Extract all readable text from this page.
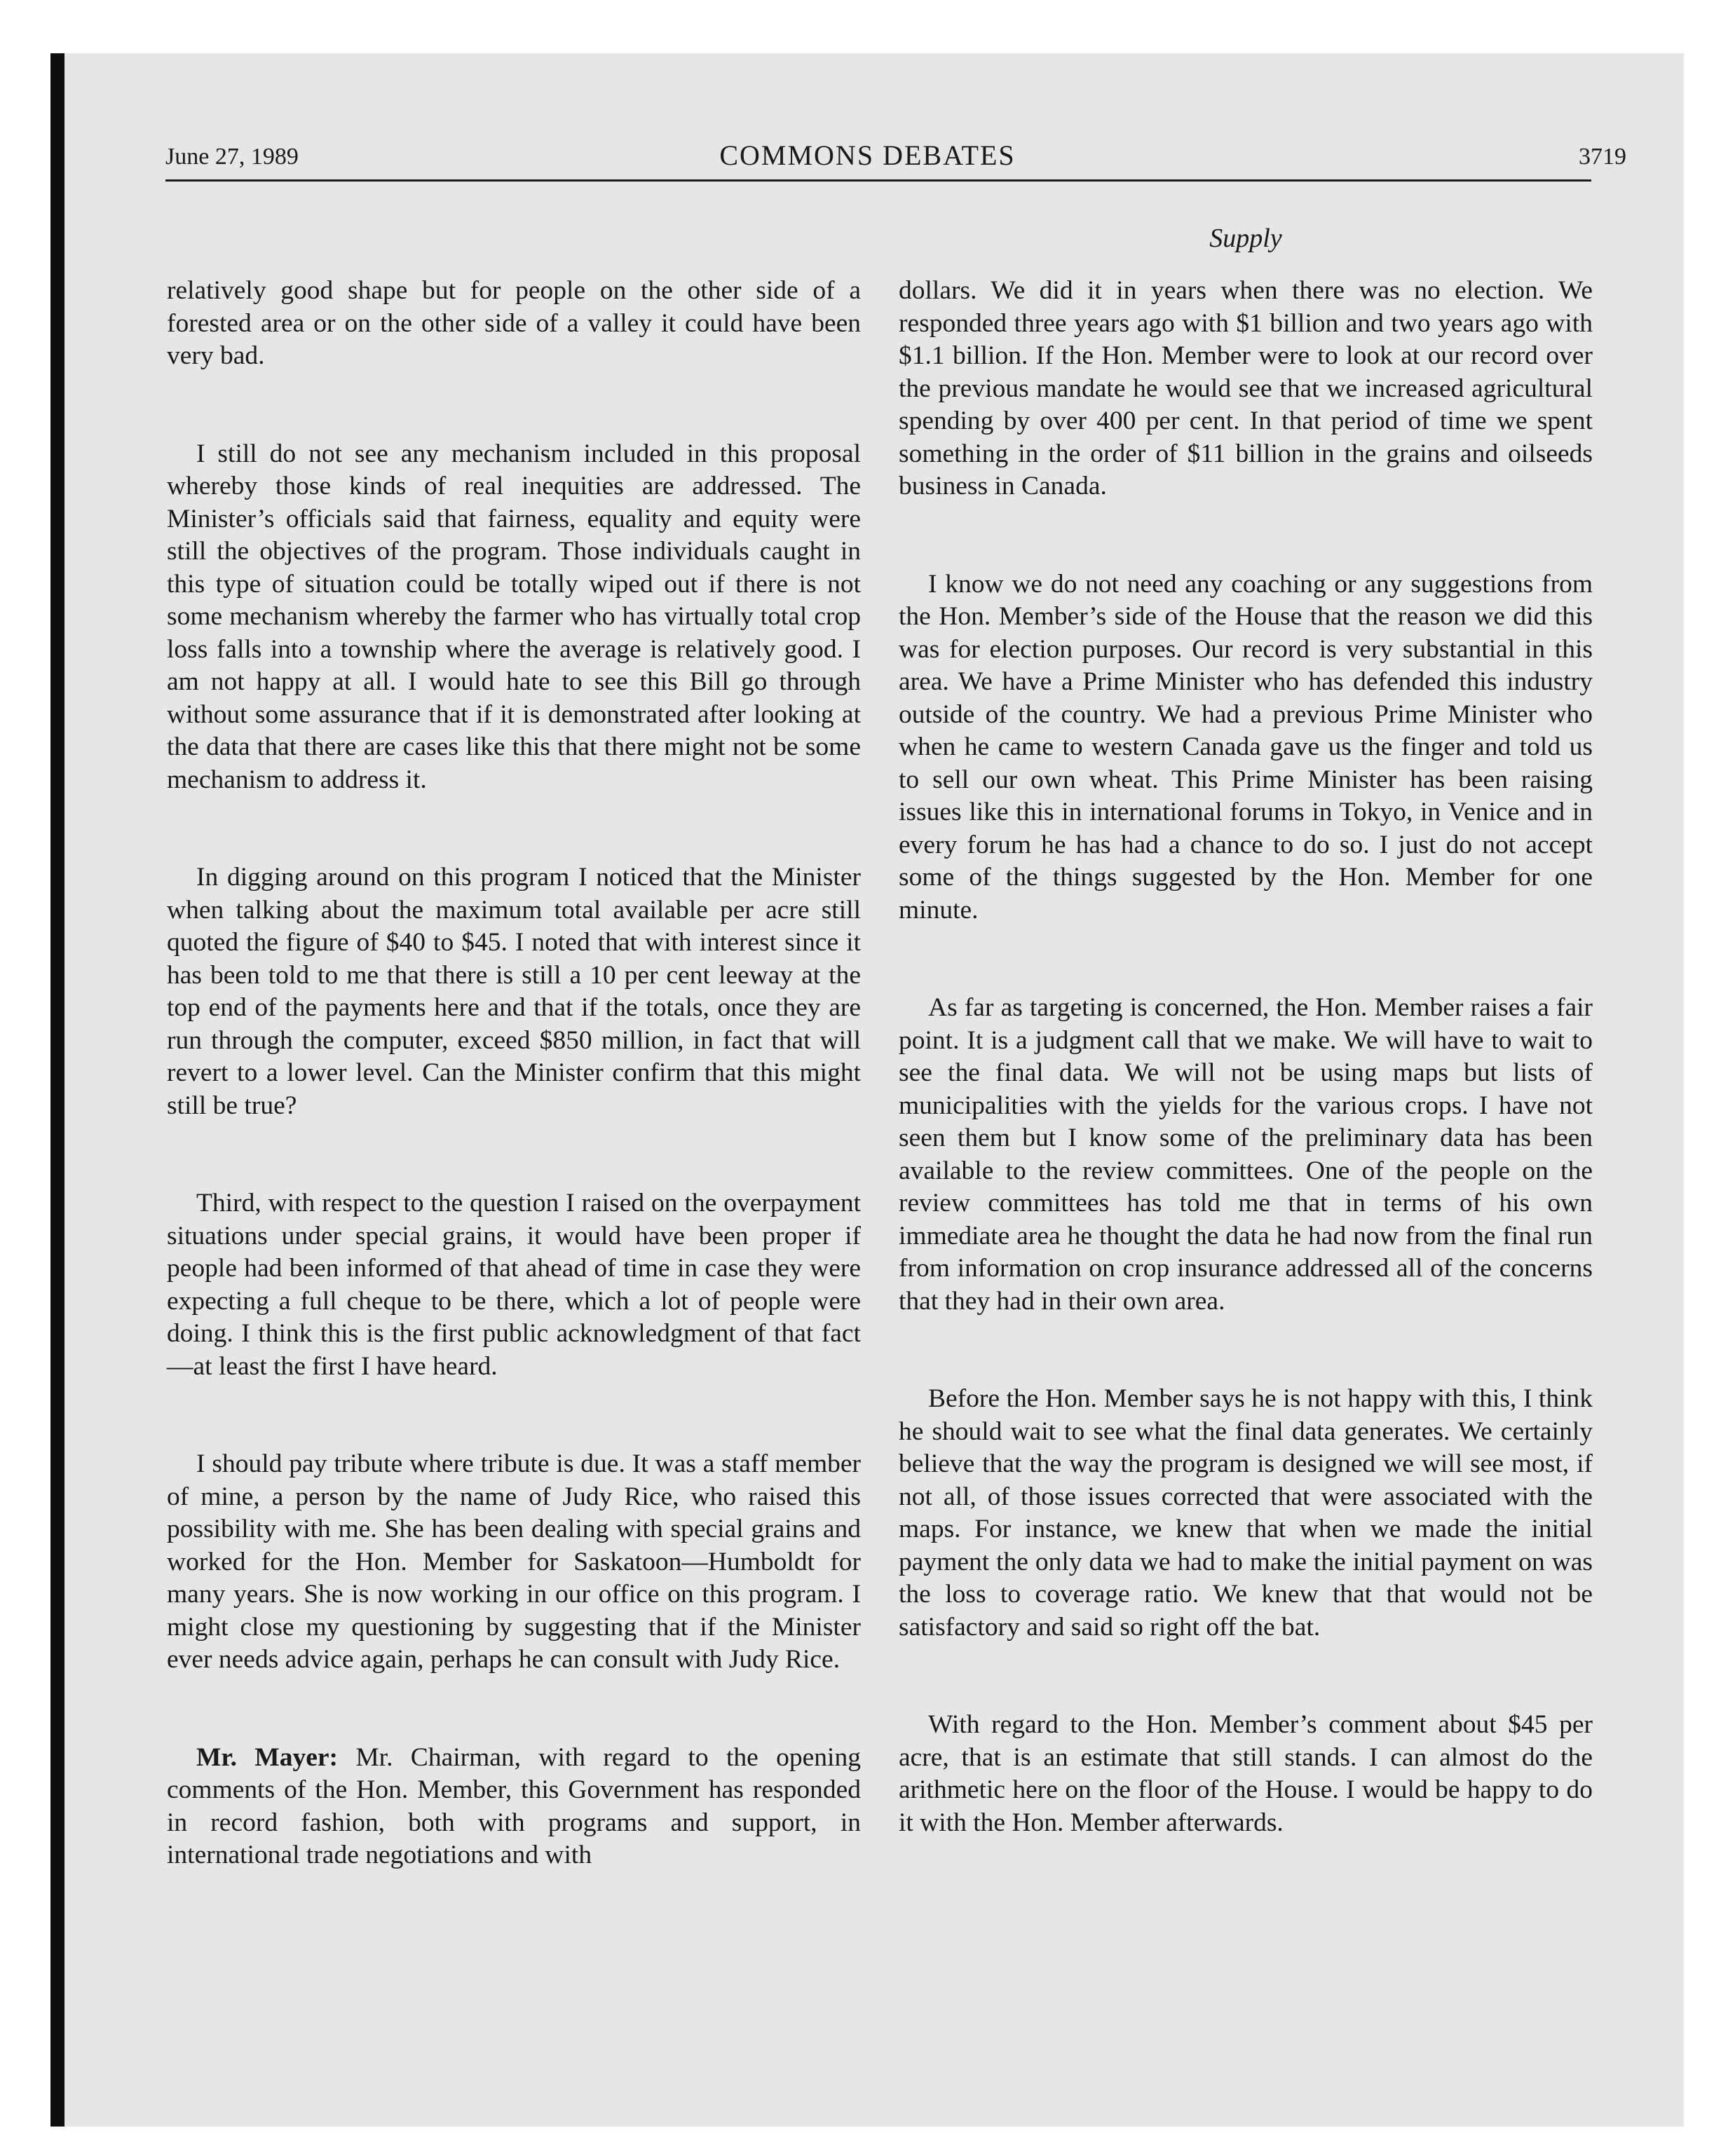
June 27, 1989	COMMONS DEBATES	3719
Supply

relatively good shape but for people on the other side of a forested area or on the other side of a valley it could have been very bad.

I still do not see any mechanism included in this proposal whereby those kinds of real inequities are addressed. The Minister’s officials said that fairness, equality and equity were still the objectives of the program. Those individuals caught in this type of situation could be totally wiped out if there is not some mechanism whereby the farmer who has virtually total crop loss falls into a township where the average is relatively good. I am not happy at all. I would hate to see this Bill go through without some assurance that if it is demonstrated after looking at the data that there are cases like this that there might not be some mechanism to address it.

In digging around on this program I noticed that the Minister when talking about the maximum total available per acre still quoted the figure of $40 to $45. I noted that with interest since it has been told to me that there is still a 10 per cent leeway at the top end of the payments here and that if the totals, once they are run through the computer, exceed $850 million, in fact that will revert to a lower level. Can the Minister confirm that this might still be true?

Third, with respect to the question I raised on the overpayment situations under special grains, it would have been proper if people had been informed of that ahead of time in case they were expecting a full cheque to be there, which a lot of people were doing. I think this is the first public acknowledgment of that fact—at least the first I have heard.

I should pay tribute where tribute is due. It was a staff member of mine, a person by the name of Judy Rice, who raised this possibility with me. She has been dealing with special grains and worked for the Hon. Member for Saskatoon—Humboldt for many years. She is now working in our office on this program. I might close my questioning by suggesting that if the Minister ever needs advice again, perhaps he can consult with Judy Rice.

Mr. Mayer: Mr. Chairman, with regard to the opening comments of the Hon. Member, this Government has responded in record fashion, both with programs and support, in international trade negotiations and with

dollars. We did it in years when there was no election. We responded three years ago with $1 billion and two years ago with $1.1 billion. If the Hon. Member were to look at our record over the previous mandate he would see that we increased agricultural spending by over 400 per cent. In that period of time we spent something in the order of $11 billion in the grains and oilseeds business in Canada.

I know we do not need any coaching or any suggestions from the Hon. Member’s side of the House that the reason we did this was for election purposes. Our record is very substantial in this area. We have a Prime Minister who has defended this industry outside of the country. We had a previous Prime Minister who when he came to western Canada gave us the finger and told us to sell our own wheat. This Prime Minister has been raising issues like this in international forums in Tokyo, in Venice and in every forum he has had a chance to do so. I just do not accept some of the things suggested by the Hon. Member for one minute.

As far as targeting is concerned, the Hon. Member raises a fair point. It is a judgment call that we make. We will have to wait to see the final data. We will not be using maps but lists of municipalities with the yields for the various crops. I have not seen them but I know some of the preliminary data has been available to the review committees. One of the people on the review committees has told me that in terms of his own immediate area he thought the data he had now from the final run from information on crop insurance addressed all of the concerns that they had in their own area.

Before the Hon. Member says he is not happy with this, I think he should wait to see what the final data generates. We certainly believe that the way the program is designed we will see most, if not all, of those issues corrected that were associated with the maps. For instance, we knew that when we made the initial payment the only data we had to make the initial payment on was the loss to coverage ratio. We knew that that would not be satisfactory and said so right off the bat.

With regard to the Hon. Member’s comment about $45 per acre, that is an estimate that still stands. I can almost do the arithmetic here on the floor of the House. I would be happy to do it with the Hon. Member afterwards.
